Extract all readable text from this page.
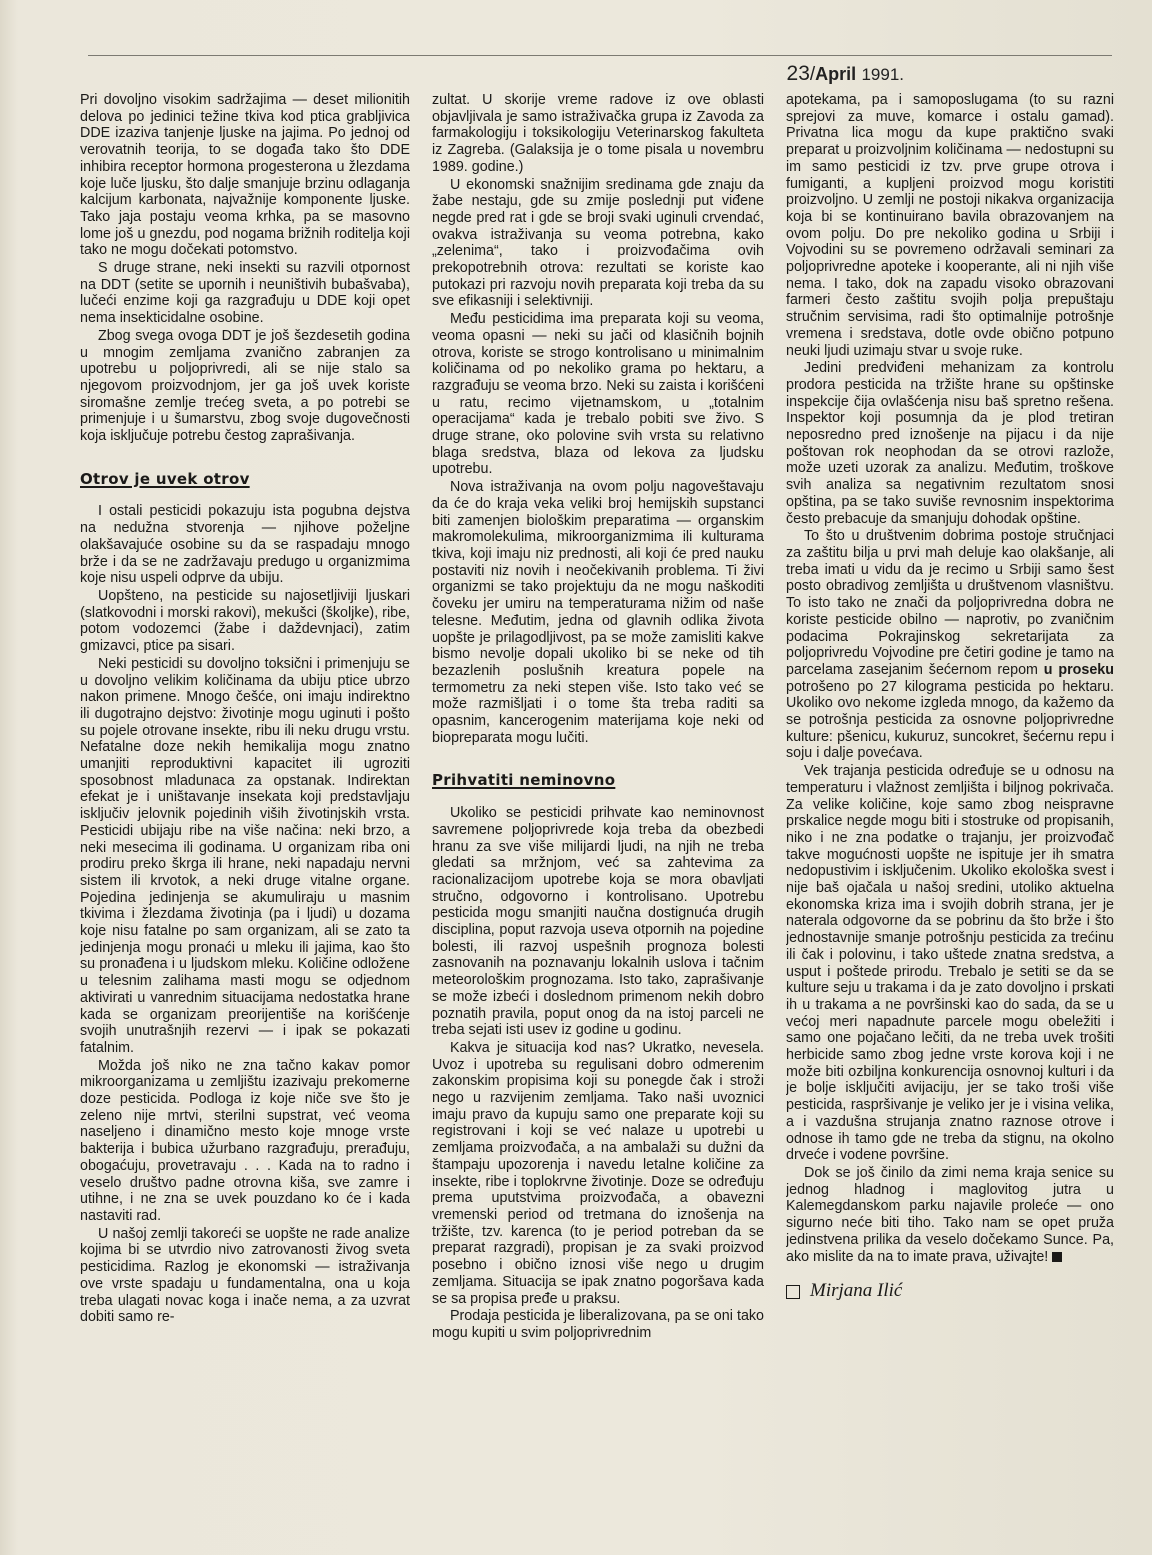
23/April 1991.

Pri dovoljno visokim sadržajima — deset milionitih delova po jedinici težine tkiva kod ptica grabljivica DDE izaziva tanjenje ljuske na jajima. Po jednoj od verovatnih teorija, to se događa tako što DDE inhibira receptor hormona progesterona u žlezdama koje luče ljusku, što dalje smanjuje brzinu odlaganja kalcijum karbonata, najvažnije komponente ljuske. Tako jaja postaju veoma krhka, pa se masovno lome još u gnezdu, pod nogama brižnih roditelja koji tako ne mogu dočekati potomstvo.

S druge strane, neki insekti su razvili otpornost na DDT (setite se upornih i neuništivih bubašvaba), lučeći enzime koji ga razgrađuju u DDE koji opet nema insekticidalne osobine.

Zbog svega ovoga DDT je još šezdesetih godina u mnogim zemljama zvanično zabranjen za upotrebu u poljoprivredi, ali se nije stalo sa njegovom proizvodnjom, jer ga još uvek koriste siromašne zemlje trećeg sveta, a po potrebi se primenjuje i u šumarstvu, zbog svoje dugovečnosti koja isključuje potrebu čestog zaprašivanja.

Otrov je uvek otrov

I ostali pesticidi pokazuju ista pogubna dejstva na nedužna stvorenja — njihove poželjne olakšavajuće osobine su da se raspadaju mnogo brže i da se ne zadržavaju predugo u organizmima koje nisu uspeli odprve da ubiju.

Uopšteno, na pesticide su najosetljiviji ljuskari (slatkovodni i morski rakovi), mekušci (školjke), ribe, potom vodozemci (žabe i daždevnjaci), zatim gmizavci, ptice pa sisari.

Neki pesticidi su dovoljno toksični i primenjuju se u dovoljno velikim količinama da ubiju ptice ubrzo nakon primene. Mnogo češće, oni imaju indirektno ili dugotrajno dejstvo: životinje mogu uginuti i pošto su pojele otrovane insekte, ribu ili neku drugu vrstu. Nefatalne doze nekih hemikalija mogu znatno umanjiti reproduktivni kapacitet ili ugroziti sposobnost mladunaca za opstanak. Indirektan efekat je i uništavanje insekata koji predstavljaju isključiv jelovnik pojedinih viših životinjskih vrsta. Pesticidi ubijaju ribe na više načina: neki brzo, a neki mesecima ili godinama. U organizam riba oni prodiru preko škrga ili hrane, neki napadaju nervni sistem ili krvotok, a neki druge vitalne organe. Pojedina jedinjenja se akumuliraju u masnim tkivima i žlezdama životinja (pa i ljudi) u dozama koje nisu fatalne po sam organizam, ali se zato ta jedinjenja mogu pronaći u mleku ili jajima, kao što su pronađena i u ljudskom mleku. Količine odložene u telesnim zalihama masti mogu se odjednom aktivirati u vanrednim situacijama nedostatka hrane kada se organizam preorijentiše na korišćenje svojih unutrašnjih rezervi — i ipak se pokazati fatalnim.

Možda još niko ne zna tačno kakav pomor mikroorganizama u zemljištu izazivaju prekomerne doze pesticida. Podloga iz koje niče sve što je zeleno nije mrtvi, sterilni supstrat, već veoma naseljeno i dinamično mesto koje mnoge vrste bakterija i bubica užurbano razgrađuju, prerađuju, obogaćuju, provetravaju . . . Kada na to radno i veselo društvo padne otrovna kiša, sve zamre i utihne, i ne zna se uvek pouzdano ko će i kada nastaviti rad.

U našoj zemlji takoreći se uopšte ne rade analize kojima bi se utvrdio nivo zatrovanosti živog sveta pesticidima. Razlog je ekonomski — istraživanja ove vrste spadaju u fundamentalna, ona u koja treba ulagati novac koga i inače nema, a za uzvrat dobiti samo re-

zultat. U skorije vreme radove iz ove oblasti objavljivala je samo istraživačka grupa iz Zavoda za farmakologiju i toksikologiju Veterinarskog fakulteta iz Zagreba. (Galaksija je o tome pisala u novembru 1989. godine.)

U ekonomski snažnijim sredinama gde znaju da žabe nestaju, gde su zmije poslednji put viđene negde pred rat i gde se broji svaki uginuli crvendać, ovakva istraživanja su veoma potrebna, kako „zelenima“, tako i proizvođačima ovih prekopotrebnih otrova: rezultati se koriste kao putokazi pri razvoju novih preparata koji treba da su sve efikasniji i selektivniji.

Među pesticidima ima preparata koji su veoma, veoma opasni — neki su jači od klasičnih bojnih otrova, koriste se strogo kontrolisano u minimalnim količinama od po nekoliko grama po hektaru, a razgrađuju se veoma brzo. Neki su zaista i korišćeni u ratu, recimo vijetnamskom, u „totalnim operacijama“ kada je trebalo pobiti sve živo. S druge strane, oko polovine svih vrsta su relativno blaga sredstva, blaza od lekova za ljudsku upotrebu.

Nova istraživanja na ovom polju nagoveštavaju da će do kraja veka veliki broj hemijskih supstanci biti zamenjen biološkim preparatima — organskim makromolekulima, mikroorganizmima ili kulturama tkiva, koji imaju niz prednosti, ali koji će pred nauku postaviti niz novih i neočekivanih problema. Ti živi organizmi se tako projektuju da ne mogu naškoditi čoveku jer umiru na temperaturama nižim od naše telesne. Međutim, jedna od glavnih odlika života uopšte je prilagodljivost, pa se može zamisliti kakve bismo nevolje dopali ukoliko bi se neke od tih bezazlenih poslušnih kreatura popele na termometru za neki stepen više. Isto tako već se može razmišljati i o tome šta treba raditi sa opasnim, kancerogenim materijama koje neki od biopreparata mogu lučiti.

Prihvatiti neminovno

Ukoliko se pesticidi prihvate kao neminovnost savremene poljoprivrede koja treba da obezbedi hranu za sve više milijardi ljudi, na njih ne treba gledati sa mržnjom, već sa zahtevima za racionalizacijom upotrebe koja se mora obavljati stručno, odgovorno i kontrolisano. Upotrebu pesticida mogu smanjiti naučna dostignuća drugih disciplina, poput razvoja useva otpornih na pojedine bolesti, ili razvoj uspešnih prognoza bolesti zasnovanih na poznavanju lokalnih uslova i tačnim meteorološkim prognozama. Isto tako, zaprašivanje se može izbeći i doslednom primenom nekih dobro poznatih pravila, poput onog da na istoj parceli ne treba sejati isti usev iz godine u godinu.

Kakva je situacija kod nas? Ukratko, nevesela. Uvoz i upotreba su regulisani dobro odmerenim zakonskim propisima koji su ponegde čak i stroži nego u razvijenim zemljama. Tako naši uvoznici imaju pravo da kupuju samo one preparate koji su registrovani i koji se već nalaze u upotrebi u zemljama proizvođača, a na ambalaži su dužni da štampaju upozorenja i navedu letalne količine za insekte, ribe i toplokrvne životinje. Doze se određuju prema uputstvima proizvođača, a obavezni vremenski period od tretmana do iznošenja na tržište, tzv. karenca (to je period potreban da se preparat razgradi), propisan je za svaki proizvod posebno i obično iznosi više nego u drugim zemljama. Situacija se ipak znatno pogoršava kada se sa propisa pređe u praksu.

Prodaja pesticida je liberalizovana, pa se oni tako mogu kupiti u svim poljoprivrednim

apotekama, pa i samoposlugama (to su razni sprejovi za muve, komarce i ostalu gamad). Privatna lica mogu da kupe praktično svaki preparat u proizvoljnim količinama — nedostupni su im samo pesticidi iz tzv. prve grupe otrova i fumiganti, a kupljeni proizvod mogu koristiti proizvoljno. U zemlji ne postoji nikakva organizacija koja bi se kontinuirano bavila obrazovanjem na ovom polju. Do pre nekoliko godina u Srbiji i Vojvodini su se povremeno održavali seminari za poljoprivredne apoteke i kooperante, ali ni njih više nema. I tako, dok na zapadu visoko obrazovani farmeri često zaštitu svojih polja prepuštaju stručnim servisima, radi što optimalnije potrošnje vremena i sredstava, dotle ovde obično potpuno neuki ljudi uzimaju stvar u svoje ruke.

Jedini predviđeni mehanizam za kontrolu prodora pesticida na tržište hrane su opštinske inspekcije čija ovlašćenja nisu baš spretno rešena. Inspektor koji posumnja da je plod tretiran neposredno pred iznošenje na pijacu i da nije poštovan rok neophodan da se otrovi razlože, može uzeti uzorak za analizu. Međutim, troškove svih analiza sa negativnim rezultatom snosi opština, pa se tako suviše revnosnim inspektorima često prebacuje da smanjuju dohodak opštine.

To što u društvenim dobrima postoje stručnjaci za zaštitu bilja u prvi mah deluje kao olakšanje, ali treba imati u vidu da je recimo u Srbiji samo šest posto obradivog zemljišta u društvenom vlasništvu. To isto tako ne znači da poljoprivredna dobra ne koriste pesticide obilno — naprotiv, po zvaničnim podacima Pokrajinskog sekretarijata za poljoprivredu Vojvodine pre četiri godine je tamo na parcelama zasejanim šećernom repom u proseku potrošeno po 27 kilograma pesticida po hektaru. Ukoliko ovo nekome izgleda mnogo, da kažemo da se potrošnja pesticida za osnovne poljoprivredne kulture: pšenicu, kukuruz, suncokret, šećernu repu i soju i dalje povećava.

Vek trajanja pesticida određuje se u odnosu na temperaturu i vlažnost zemljišta i biljnog pokrivača. Za velike količine, koje samo zbog neispravne prskalice negde mogu biti i stostruke od propisanih, niko i ne zna podatke o trajanju, jer proizvođač takve mogućnosti uopšte ne ispituje jer ih smatra nedopustivim i isključenim. Ukoliko ekološka svest i nije baš ojačala u našoj sredini, utoliko aktuelna ekonomska kriza ima i svojih dobrih strana, jer je naterala odgovorne da se pobrinu da što brže i što jednostavnije smanje potrošnju pesticida za trećinu ili čak i polovinu, i tako uštede znatna sredstva, a usput i poštede prirodu. Trebalo je setiti se da se kulture seju u trakama i da je zato dovoljno i prskati ih u trakama a ne površinski kao do sada, da se u većoj meri napadnute parcele mogu obeležiti i samo one pojačano lečiti, da ne treba uvek trošiti herbicide samo zbog jedne vrste korova koji i ne može biti ozbiljna konkurencija osnovnoj kulturi i da je bolje isključiti avijaciju, jer se tako troši više pesticida, raspršivanje je veliko jer je i visina velika, a i vazdušna strujanja znatno raznose otrove i odnose ih tamo gde ne treba da stignu, na okolno drveće i vodene površine.

Dok se još činilo da zimi nema kraja senice su jednog hladnog i maglovitog jutra u Kalemegdanskom parku najavile proleće — ono sigurno neće biti tiho. Tako nam se opet pruža jedinstvena prilika da veselo dočekamo Sunce. Pa, ako mislite da na to imate prava, uživajte!

Mirjana Ilić
